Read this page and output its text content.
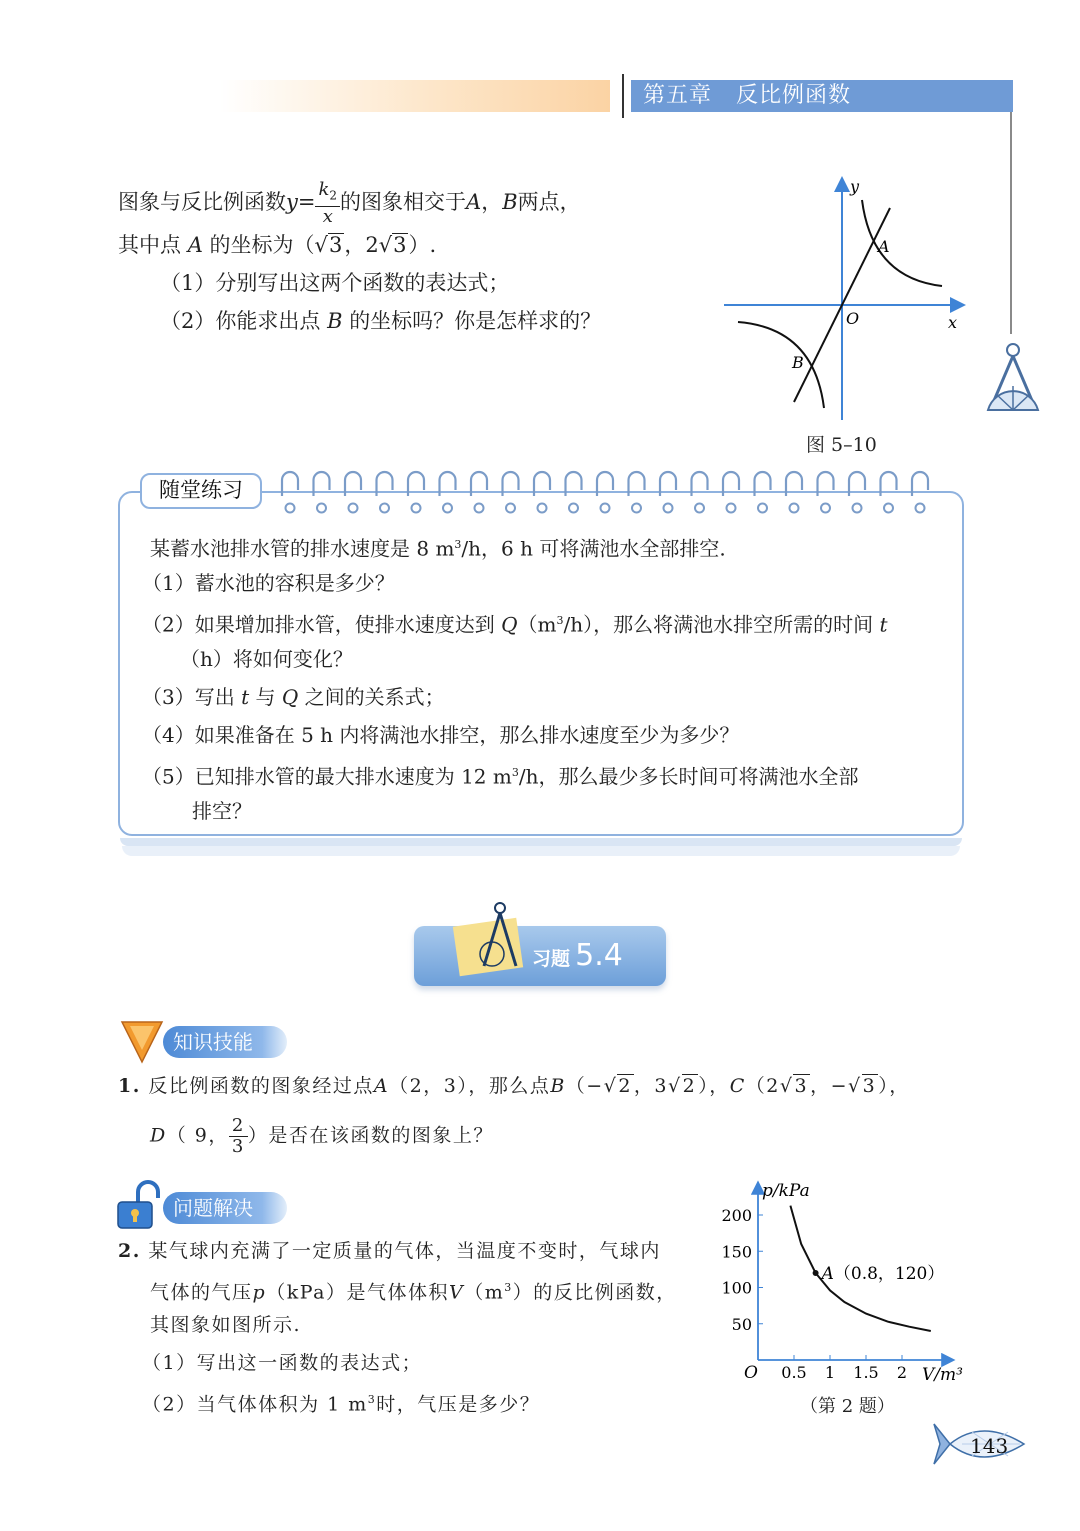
第五章 反比例函数
图象与反比例函数$y= \frac{k_2}{x}$ 的图象相交于A，B两点，
其中点 A 的坐标为（√3，2√3）.
（1）分别写出这两个函数的表达式；
（2）你能求出点 B 的坐标吗？你是怎样求的？
y
x
O
A
B
图 5–10
随堂练习
某蓄水池排水管的排水速度是 8 $m^3/h$，6 h 可将满池水全部排空.
（1）蓄水池的容积是多少？
（2）如果增加排水管，使排水速度达到 $Q(m^3/h)$，那么将满池水排空所需的时间 t
（h）将如何变化？
（3）写出 t 与 Q 之间的关系式；
（4）如果准备在 5 h 内将满池水排空，那么排水速度至少为多少？
（5）已知排水管的最大排水速度为 12 $m^3/h$，那么最少多长时间可将满池水全部
排空？
习题 5.4
知识技能
1. 反比例函数的图象经过点A（2，3），那么点B（−√2 ，3√2 ），C（2√3 ，−√3 ），
D（ 9， $\frac{2}{3}$ ）是否在该函数的图象上？
问题解决
2. 某气球内充满了一定质量的气体，当温度不变时，气球内
气体的气压p（kPa）是气体体积$V(m^3)$的反比例函数，
其图象如图所示.
（1）写出这一函数的表达式；
（2）当气体体积为 1 $m^3$时，气压是多少？
0.5 1 1.5 2
50
100
150
200
A（0.8，120）
p/kPa
V/m³
O
（第 2 题）
143
